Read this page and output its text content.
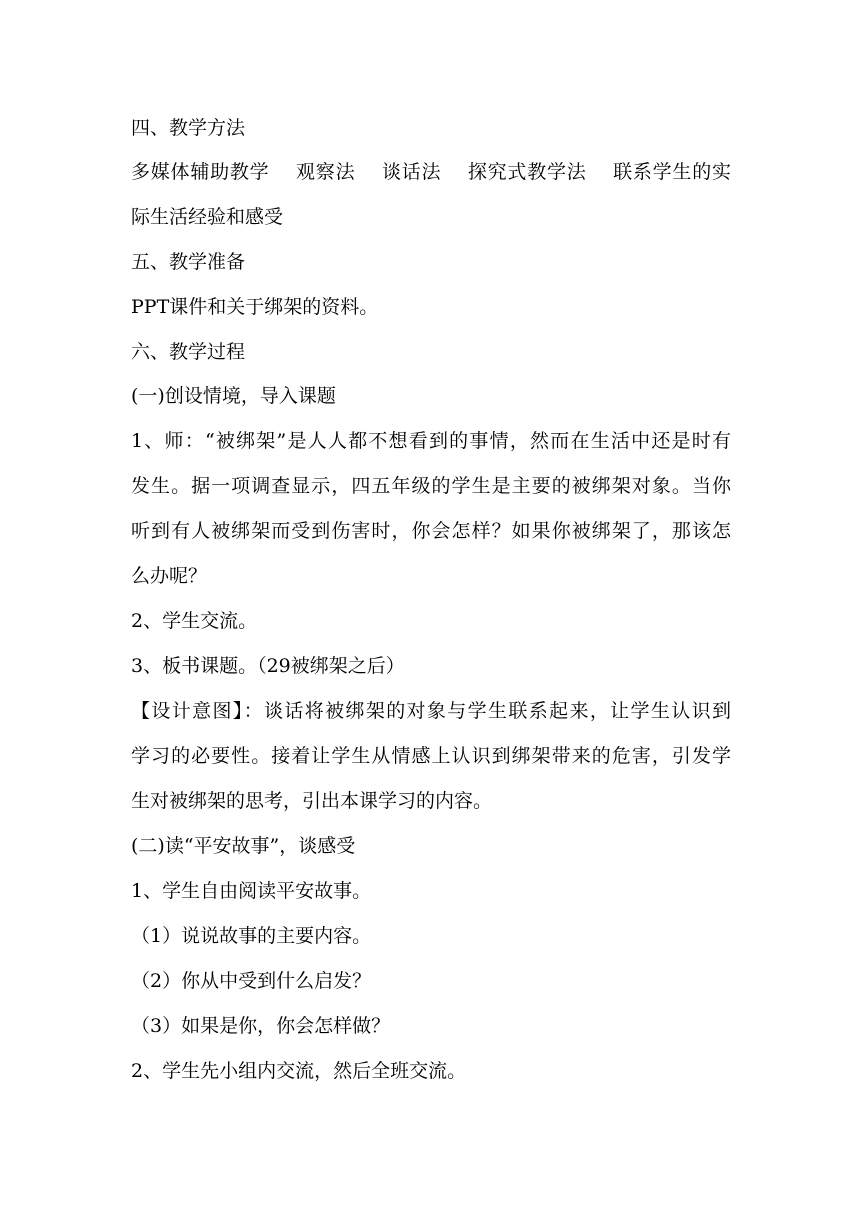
四、教学方法
多媒体辅助教学　 观察法　 谈话法　 探究式教学法　 联系学生的实
际生活经验和感受
五、教学准备
PPT课件和关于绑架的资料。
六、教学过程
(一)创设情境，导入课题
1、师：“被绑架”是人人都不想看到的事情，然而在生活中还是时有
发生。据一项调查显示，四五年级的学生是主要的被绑架对象。当你
听到有人被绑架而受到伤害时，你会怎样？如果你被绑架了，那该怎
么办呢？
2、学生交流。
3、板书课题。（29被绑架之后）
【设计意图】：谈话将被绑架的对象与学生联系起来，让学生认识到
学习的必要性。接着让学生从情感上认识到绑架带来的危害，引发学
生对被绑架的思考，引出本课学习的内容。
(二)读“平安故事”，谈感受
1、学生自由阅读平安故事。
（1）说说故事的主要内容。
（2）你从中受到什么启发？
（3）如果是你，你会怎样做？
2、学生先小组内交流，然后全班交流。
